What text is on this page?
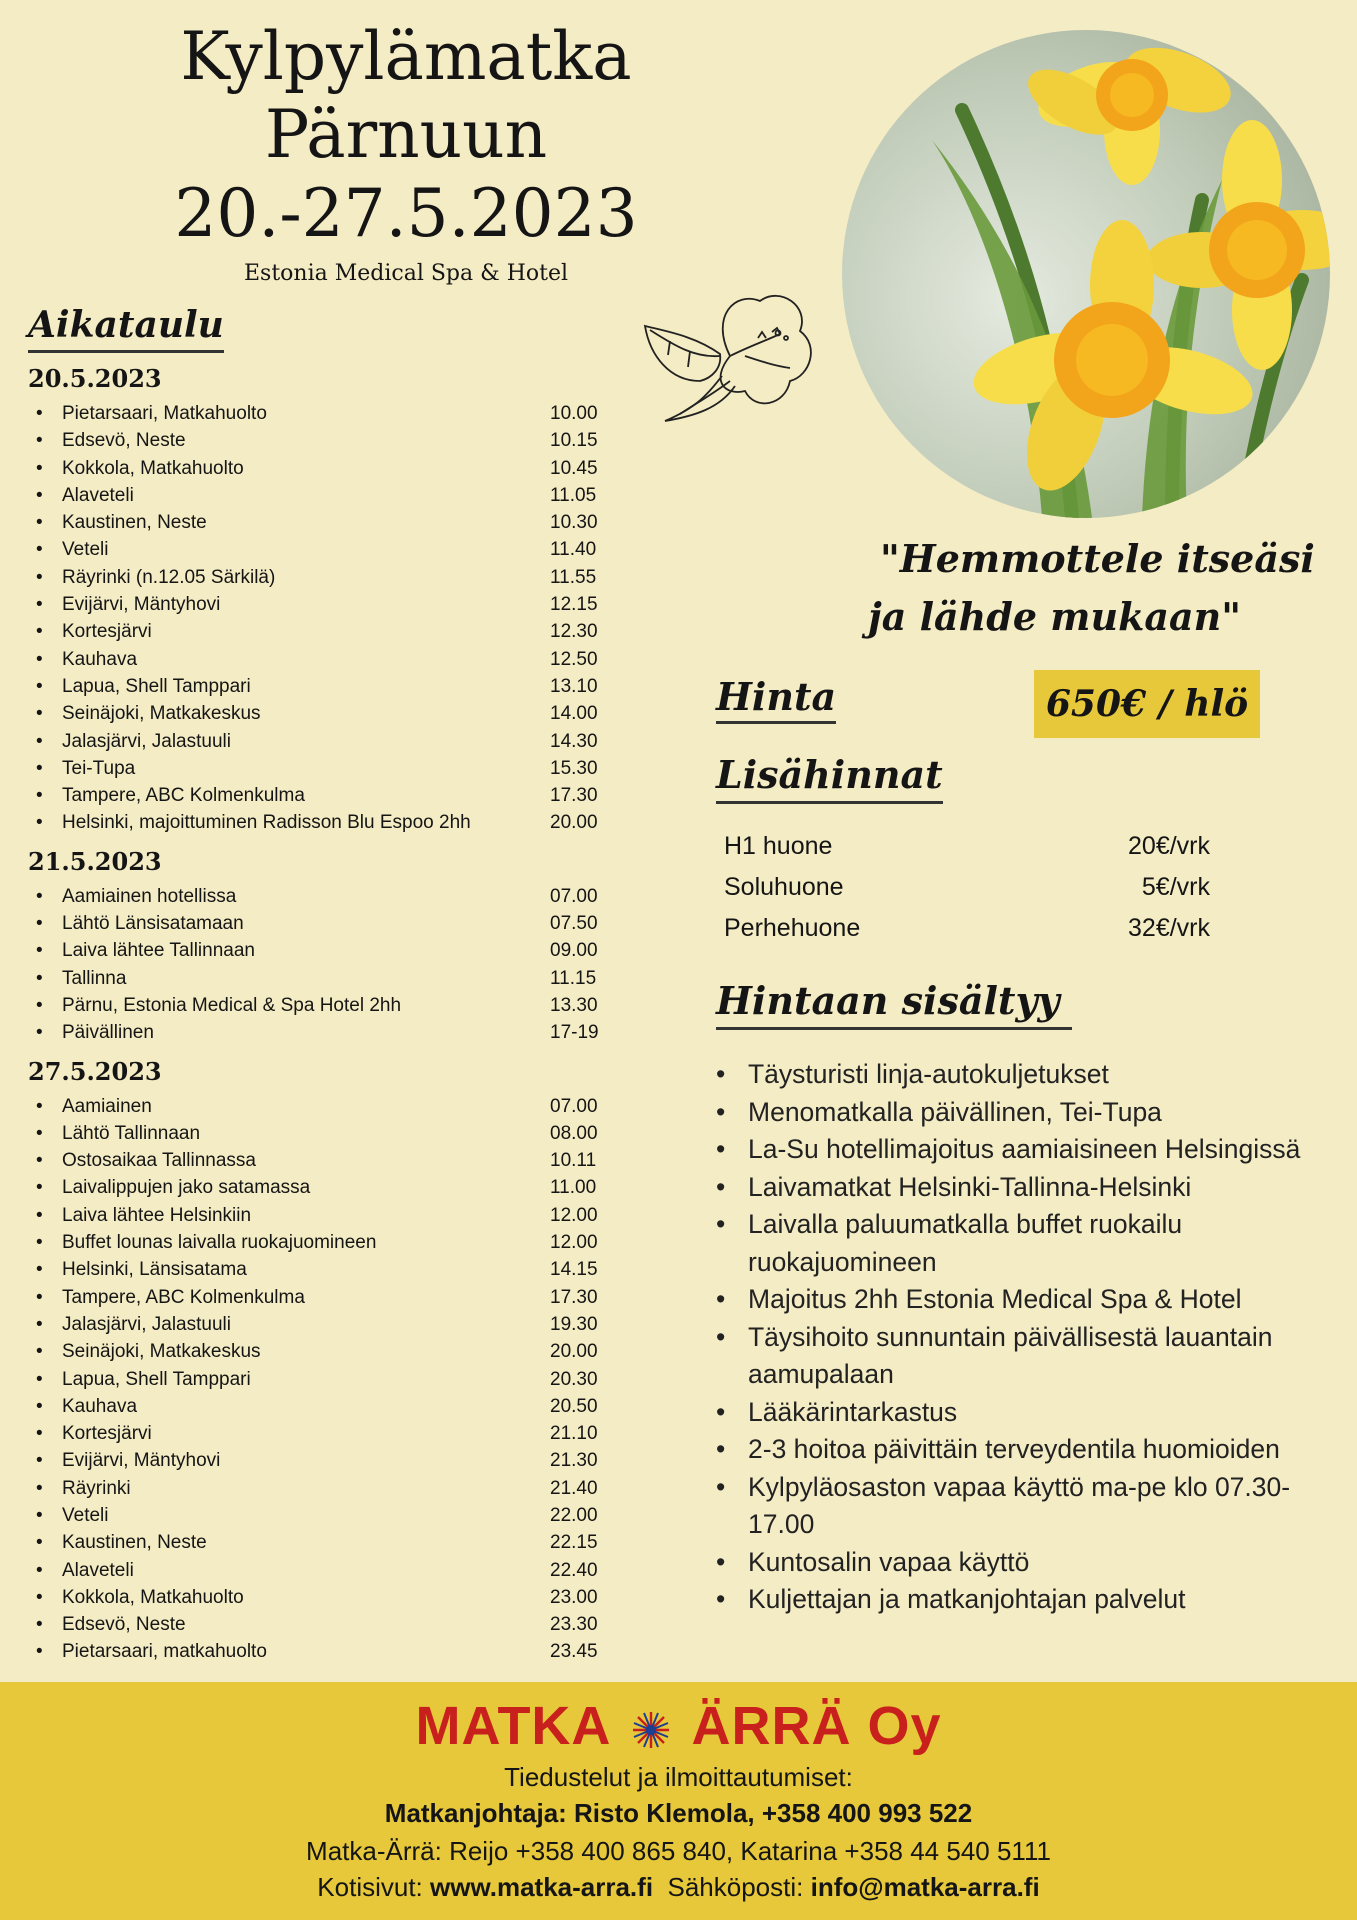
Kylpylämatka
Pärnuun
20.-27.5.2023
Estonia Medical Spa & Hotel
Aikataulu
20.5.2023
•	Pietarsaari, Matkahuolto	10.00
•	Edsevö, Neste	10.15
•	Kokkola, Matkahuolto	10.45
•	Alaveteli	11.05
•	Kaustinen, Neste	10.30
•	Veteli	11.40
•	Räyrinki (n.12.05 Särkilä)	11.55
•	Evijärvi, Mäntyhovi	12.15
•	Kortesjärvi	12.30
•	Kauhava	12.50
•	Lapua, Shell Tamppari	13.10
•	Seinäjoki, Matkakeskus	14.00
•	Jalasjärvi, Jalastuuli	14.30
•	Tei-Tupa	15.30
•	Tampere, ABC Kolmenkulma	17.30
•	Helsinki, majoittuminen Radisson Blu Espoo 2hh	20.00
21.5.2023
•	Aamiainen hotellissa	07.00
•	Lähtö Länsisatamaan	07.50
•	Laiva lähtee Tallinnaan	09.00
•	Tallinna	11.15
•	Pärnu, Estonia Medical & Spa Hotel 2hh	13.30
•	Päivällinen	17-19
27.5.2023
•	Aamiainen	07.00
•	Lähtö Tallinnaan	08.00
•	Ostosaikaa Tallinnassa	10.11
•	Laivalippujen jako satamassa	11.00
•	Laiva lähtee Helsinkiin	12.00
•	Buffet lounas laivalla ruokajuomineen	12.00
•	Helsinki, Länsisatama	14.15
•	Tampere, ABC Kolmenkulma	17.30
•	Jalasjärvi, Jalastuuli	19.30
•	Seinäjoki, Matkakeskus	20.00
•	Lapua, Shell Tamppari	20.30
•	Kauhava	20.50
•	Kortesjärvi	21.10
•	Evijärvi, Mäntyhovi	21.30
•	Räyrinki	21.40
•	Veteli	22.00
•	Kaustinen, Neste	22.15
•	Alaveteli	22.40
•	Kokkola, Matkahuolto	23.00
•	Edsevö, Neste	23.30
•	Pietarsaari, matkahuolto	23.45
"Hemmottele itseäsi
ja lähde mukaan"
Hinta	650€ / hlö
Lisähinnat
H1 huone	20€/vrk
Soluhuone	5€/vrk
Perhehuone	32€/vrk
Hintaan sisältyy
• Täysturisti linja-autokuljetukset
• Menomatkalla päivällinen, Tei-Tupa
• La-Su hotellimajoitus aamiaisineen Helsingissä
• Laivamatkat Helsinki-Tallinna-Helsinki
• Laivalla paluumatkalla buffet ruokailu ruokajuomineen
• Majoitus 2hh Estonia Medical Spa & Hotel
• Täysihoito sunnuntain päivällisestä lauantain aamupalaan
• Lääkärintarkastus
• 2-3 hoitoa päivittäin terveydentila huomioiden
• Kylpyläosaston vapaa käyttö ma-pe klo 07.30-17.00
• Kuntosalin vapaa käyttö
• Kuljettajan ja matkanjohtajan palvelut
MATKA ÄRRÄ Oy
Tiedustelut ja ilmoittautumiset:
Matkanjohtaja: Risto Klemola, +358 400 993 522
Matka-Ärrä: Reijo +358 400 865 840, Katarina +358 44 540 5111
Kotisivut: www.matka-arra.fi Sähköposti: info@matka-arra.fi
